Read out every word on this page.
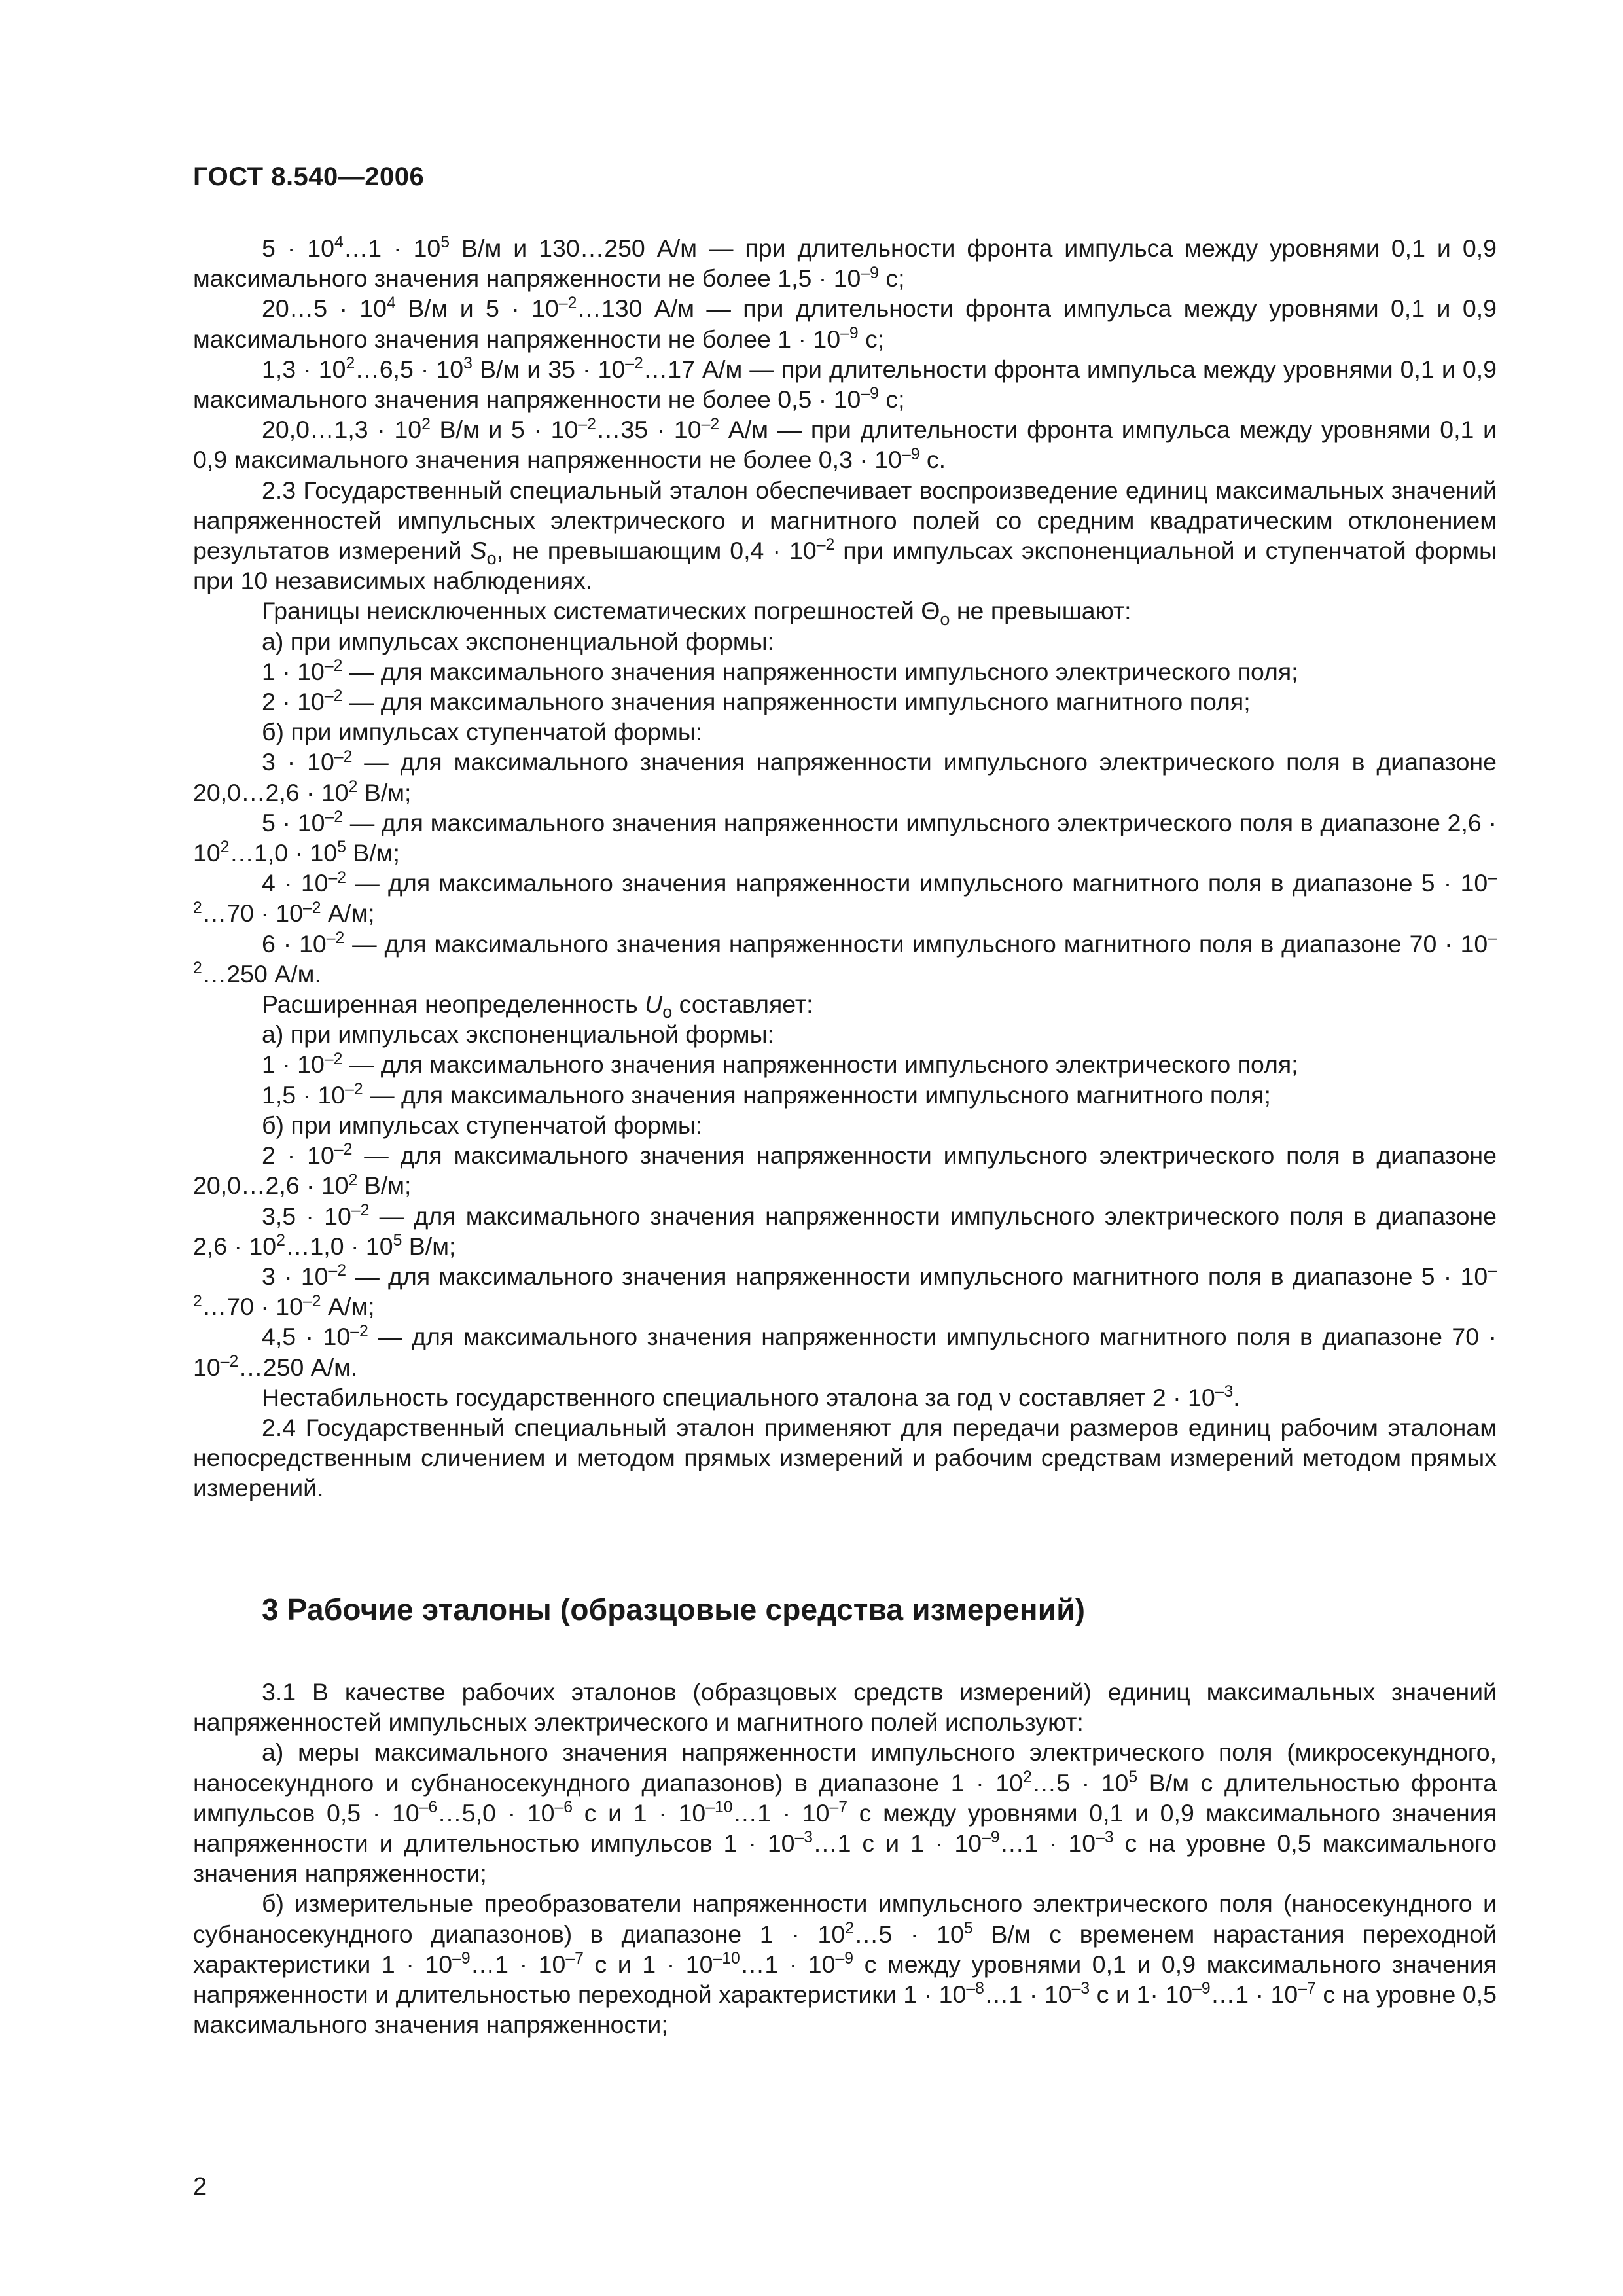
ГОСТ 8.540—2006

$5 \cdot 10^4\dots 1 \cdot 10^5$ В/м и 130…250 А/м — при длительности фронта импульса между уровнями 0,1 и 0,9 максимального значения напряженности не более $1,5 \cdot 10^{-9}$ с;

20…5 · $10^4$ В/м и $5 \cdot 10^{-2}\dots 130$ А/м — при длительности фронта импульса между уровнями 0,1 и 0,9 максимального значения напряженности не более $1 \cdot 10^{-9}$ с;

$1,3 \cdot 10^2\dots 6,5 \cdot 10^3$ В/м и $35 \cdot 10^{-2}\dots 17$ А/м — при длительности фронта импульса между уровнями 0,1 и 0,9 максимального значения напряженности не более $0,5 \cdot 10^{-9}$ с;

20,0…1,3 · $10^2$ В/м и $5 \cdot 10^{-2}\dots 35 \cdot 10^{-2}$ А/м — при длительности фронта импульса между уровнями 0,1 и 0,9 максимального значения напряженности не более $0,3 \cdot 10^{-9}$ с.

2.3 Государственный специальный эталон обеспечивает воспроизведение единиц максимальных значений напряженностей импульсных электрического и магнитного полей со средним квадратическим отклонением результатов измерений $S_o$, не превышающим $0,4 \cdot 10^{-2}$ при импульсах экспоненциальной и ступенчатой формы при 10 независимых наблюдениях.

Границы неисключенных систематических погрешностей $\Theta_o$ не превышают:

а) при импульсах экспоненциальной формы:

$1 \cdot 10^{-2}$ — для максимального значения напряженности импульсного электрического поля;

$2 \cdot 10^{-2}$ — для максимального значения напряженности импульсного магнитного поля;

б) при импульсах ступенчатой формы:

$3 \cdot 10^{-2}$ — для максимального значения напряженности импульсного электрического поля в диапазоне 20,0…2,6 · $10^2$ В/м;

$5 \cdot 10^{-2}$ — для максимального значения напряженности импульсного электрического поля в диапазоне $2,6 \cdot 10^2\dots 1,0 \cdot 10^5$ В/м;

$4 \cdot 10^{-2}$ — для максимального значения напряженности импульсного магнитного поля в диапазоне $5 \cdot 10^{-2}\dots 70 \cdot 10^{-2}$ А/м;

$6 \cdot 10^{-2}$ — для максимального значения напряженности импульсного магнитного поля в диапазоне $70 \cdot 10^{-2}\dots 250$ А/м.

Расширенная неопределенность $U_o$ составляет:

а) при импульсах экспоненциальной формы:

$1 \cdot 10^{-2}$ — для максимального значения напряженности импульсного электрического поля;

$1,5 \cdot 10^{-2}$ — для максимального значения напряженности импульсного магнитного поля;

б) при импульсах ступенчатой формы:

$2 \cdot 10^{-2}$ — для максимального значения напряженности импульсного электрического поля в диапазоне 20,0…2,6 · $10^2$ В/м;

$3,5 \cdot 10^{-2}$ — для максимального значения напряженности импульсного электрического поля в диапазоне $2,6 \cdot 10^2\dots 1,0 \cdot 10^5$ В/м;

$3 \cdot 10^{-2}$ — для максимального значения напряженности импульсного магнитного поля в диапазоне $5 \cdot 10^{-2}\dots 70 \cdot 10^{-2}$ А/м;

$4,5 \cdot 10^{-2}$ — для максимального значения напряженности импульсного магнитного поля в диапазоне $70 \cdot 10^{-2}\dots 250$ А/м.

Нестабильность государственного специального эталона за год ν составляет $2 \cdot 10^{-3}$.

2.4 Государственный специальный эталон применяют для передачи размеров единиц рабочим эталонам непосредственным сличением и методом прямых измерений и рабочим средствам измерений методом прямых измерений.

3 Рабочие эталоны (образцовые средства измерений)

3.1 В качестве рабочих эталонов (образцовых средств измерений) единиц максимальных значений напряженностей импульсных электрического и магнитного полей используют:

а) меры максимального значения напряженности импульсного электрического поля (микросекундного, наносекундного и субнаносекундного диапазонов) в диапазоне $1 \cdot 10^2\dots 5 \cdot 10^5$ В/м с длительностью фронта импульсов $0,5 \cdot 10^{-6}\dots 5,0 \cdot 10^{-6}$ с и $1 \cdot 10^{-10}\dots 1 \cdot 10^{-7}$ с между уровнями 0,1 и 0,9 максимального значения напряженности и длительностью импульсов $1 \cdot 10^{-3}\dots 1$ с и $1 \cdot 10^{-9}\dots 1 \cdot 10^{-3}$ с на уровне 0,5 максимального значения напряженности;

б) измерительные преобразователи напряженности импульсного электрического поля (наносекундного и субнаносекундного диапазонов) в диапазоне $1 \cdot 10^2\dots 5 \cdot 10^5$ В/м с временем нарастания переходной характеристики $1 \cdot 10^{-9}\dots 1 \cdot 10^{-7}$ с и $1 \cdot 10^{-10}\dots 1 \cdot 10^{-9}$ с между уровнями 0,1 и 0,9 максимального значения напряженности и длительностью переходной характеристики $1 \cdot 10^{-8}\dots 1 \cdot 10^{-3}$ с и $1\cdot 10^{-9}\dots 1 \cdot 10^{-7}$ с на уровне 0,5 максимального значения напряженности;

2
